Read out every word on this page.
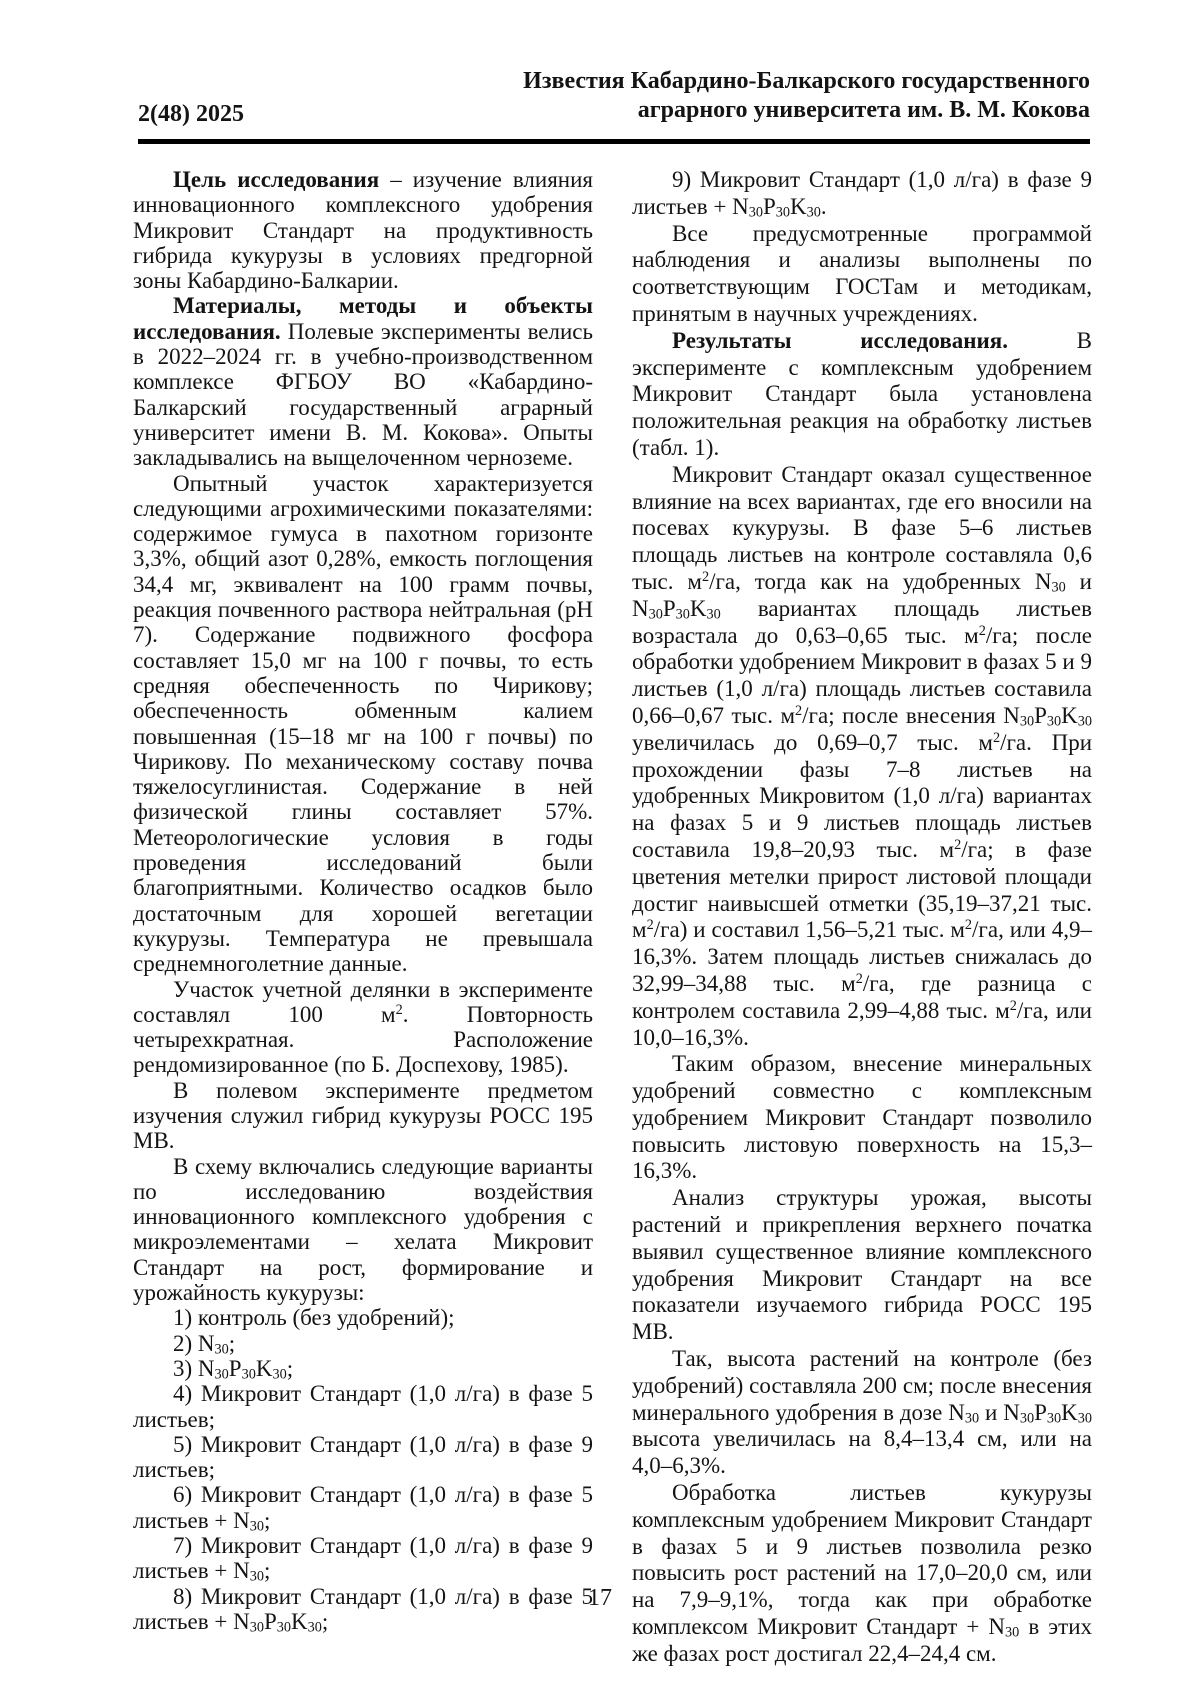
2(48) 2025
Известия Кабардино-Балкарского государственного
аграрного университета им. В. М. Кокова

Цель исследования – изучение влияния инновационного комплексного удобрения Микровит Стандарт на продуктивность гибрида кукурузы в условиях предгорной зоны Кабардино-Балкарии.

Материалы, методы и объекты исследования. Полевые эксперименты велись в 2022–2024 гг. в учебно-производственном комплексе ФГБОУ ВО «Кабардино-Балкарский государственный аграрный университет имени В. М. Кокова». Опыты закладывались на выщелоченном черноземе.

Опытный участок характеризуется следующими агрохимическими показателями: содержимое гумуса в пахотном горизонте 3,3%, общий азот 0,28%, емкость поглощения 34,4 мг, эквивалент на 100 грамм почвы, реакция почвенного раствора нейтральная (рН 7). Содержание подвижного фосфора составляет 15,0 мг на 100 г почвы, то есть средняя обеспеченность по Чирикову; обеспеченность обменным калием повышенная (15–18 мг на 100 г почвы) по Чирикову. По механическому составу почва тяжелосуглинистая. Содержание в ней физической глины составляет 57%. Метеорологические условия в годы проведения исследований были благоприятными. Количество осадков было достаточным для хорошей вегетации кукурузы. Температура не превышала среднемноголетние данные.

Участок учетной делянки в эксперименте составлял 100 $м^2$. Повторность четырехкратная. Расположение рендомизированное (по Б. Доспехову, 1985).

В полевом эксперименте предметом изучения служил гибрид кукурузы РОСС 195 МВ.

В схему включались следующие варианты по исследованию воздействия инновационного комплексного удобрения с микроэлементами – хелата Микровит Стандарт на рост, формирование и урожайность кукурузы:

1) контроль (без удобрений);

2) $N_{30}$;

3) $N_{30}P_{30}K_{30}$;

4) Микровит Стандарт (1,0 л/га) в фазе 5 листьев;

5) Микровит Стандарт (1,0 л/га) в фазе 9 листьев;

6) Микровит Стандарт (1,0 л/га) в фазе 5 листьев + $N_{30}$;

7) Микровит Стандарт (1,0 л/га) в фазе 9 листьев + $N_{30}$;

8) Микровит Стандарт (1,0 л/га) в фазе 5 листьев + $N_{30}P_{30}K_{30}$;

9) Микровит Стандарт (1,0 л/га) в фазе 9 листьев + $N_{30}P_{30}K_{30}$.

Все предусмотренные программой наблюдения и анализы выполнены по соответствующим ГОСТам и методикам, принятым в научных учреждениях.

Результаты исследования. В эксперименте с комплексным удобрением Микровит Стандарт была установлена положительная реакция на обработку листьев (табл. 1).

Микровит Стандарт оказал существенное влияние на всех вариантах, где его вносили на посевах кукурузы. В фазе 5–6 листьев площадь листьев на контроле составляла 0,6 тыс. $м^2/га$, тогда как на удобренных $N_{30}$ и $N_{30}P_{30}K_{30}$ вариантах площадь листьев возрастала до 0,63–0,65 тыс. $м^2/га$; после обработки удобрением Микровит в фазах 5 и 9 листьев (1,0 л/га) площадь листьев составила 0,66–0,67 тыс. $м^2/га$; после внесения $N_{30}P_{30}K_{30}$ увеличилась до 0,69–0,7 тыс. $м^2/га$. При прохождении фазы 7–8 листьев на удобренных Микровитом (1,0 л/га) вариантах на фазах 5 и 9 листьев площадь листьев составила 19,8–20,93 тыс. $м^2/га$; в фазе цветения метелки прирост листовой площади достиг наивысшей отметки (35,19–37,21 тыс. $м^2/га$) и составил 1,56–5,21 тыс. $м^2/га$, или 4,9–16,3%. Затем площадь листьев снижалась до 32,99–34,88 тыс. $м^2/га$, где разница с контролем составила 2,99–4,88 тыс. $м^2/га$, или 10,0–16,3%.

Таким образом, внесение минеральных удобрений совместно с комплексным удобрением Микровит Стандарт позволило повысить листовую поверхность на 15,3–16,3%.

Анализ структуры урожая, высоты растений и прикрепления верхнего початка выявил существенное влияние комплексного удобрения Микровит Стандарт на все показатели изучаемого гибрида РОСС 195 МВ.

Так, высота растений на контроле (без удобрений) составляла 200 см; после внесения минерального удобрения в дозе $N_{30}$ и $N_{30}P_{30}K_{30}$ высота увеличилась на 8,4–13,4 см, или на 4,0–6,3%.

Обработка листьев кукурузы комплексным удобрением Микровит Стандарт в фазах 5 и 9 листьев позволила резко повысить рост растений на 17,0–20,0 см, или на 7,9–9,1%, тогда как при обработке комплексом Микровит Стандарт + $N_{30}$ в этих же фазах рост достигал 22,4–24,4 см.

17
